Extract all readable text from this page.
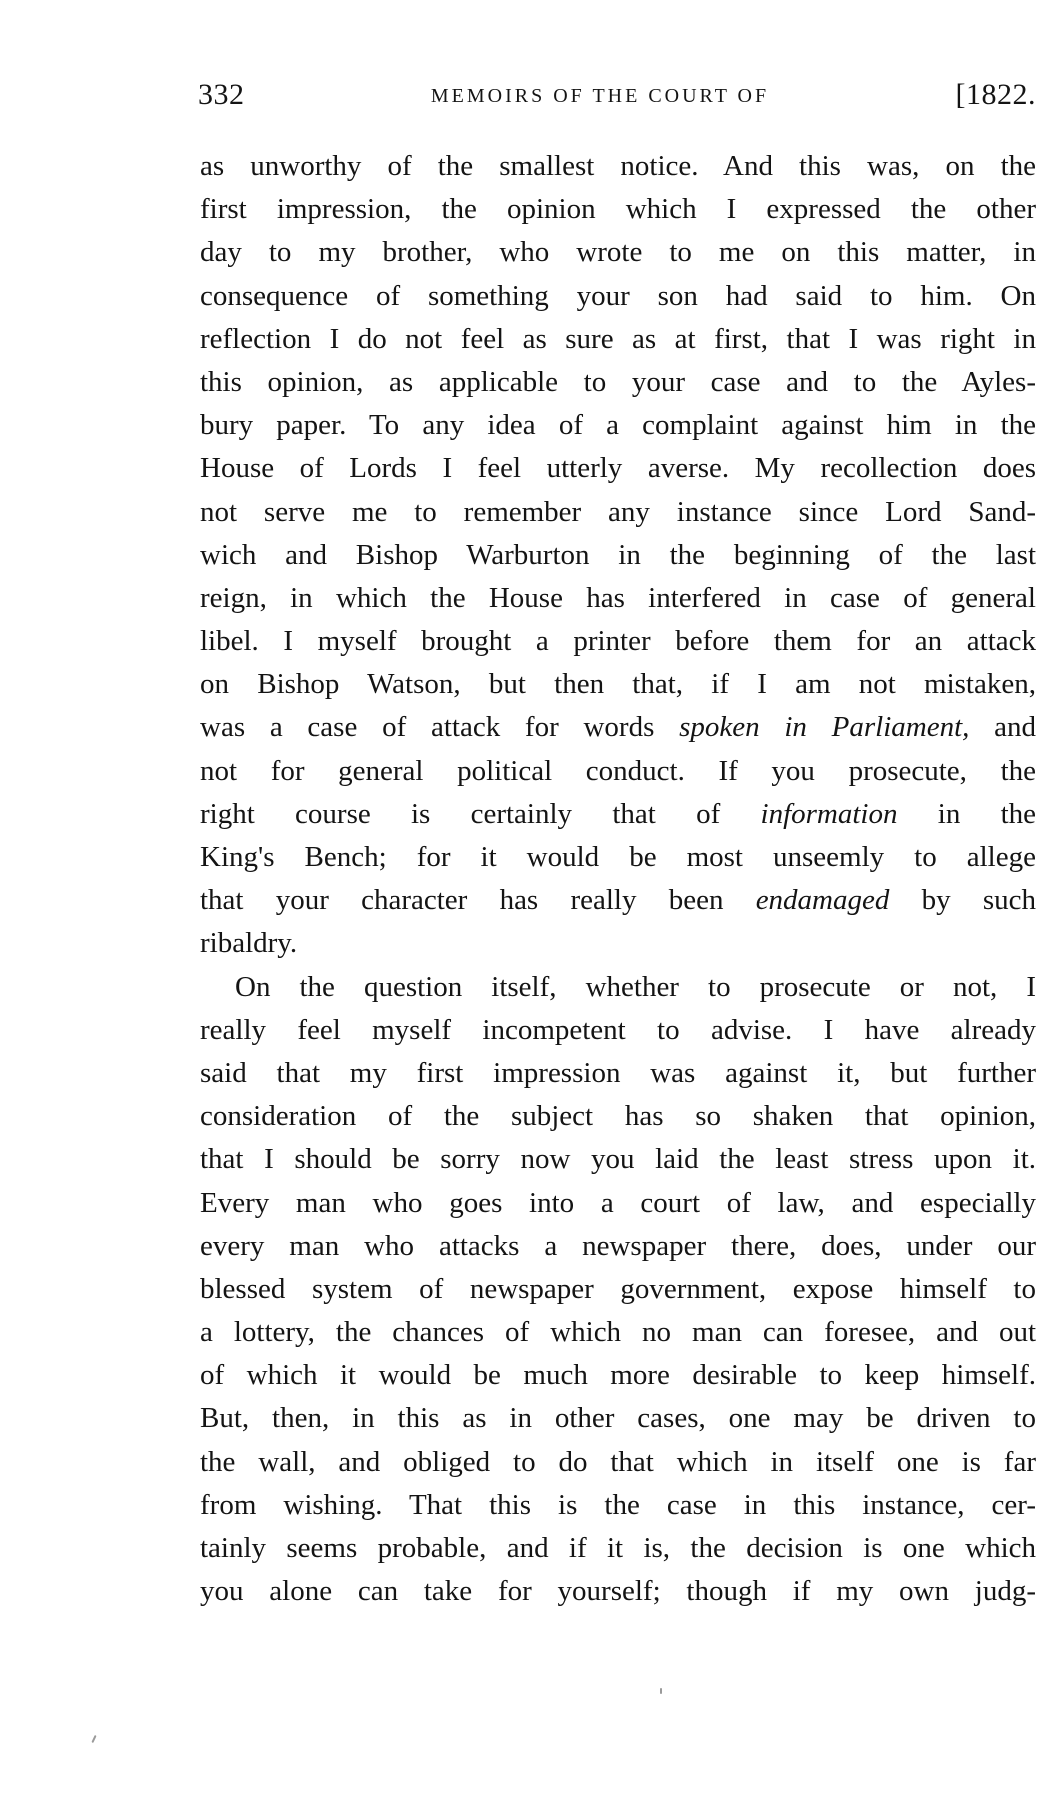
332	MEMOIRS OF THE COURT OF	[1822.
as unworthy of the smallest notice. And this was, on the
first impression, the opinion which I expressed the other
day to my brother, who wrote to me on this matter, in
consequence of something your son had said to him. On
reflection I do not feel as sure as at first, that I was right in
this opinion, as applicable to your case and to the Ayles-
bury paper. To any idea of a complaint against him in the
House of Lords I feel utterly averse. My recollection does
not serve me to remember any instance since Lord Sand-
wich and Bishop Warburton in the beginning of the last
reign, in which the House has interfered in case of general
libel. I myself brought a printer before them for an attack
on Bishop Watson, but then that, if I am not mistaken,
was a case of attack for words spoken in Parliament, and
not for general political conduct. If you prosecute, the
right course is certainly that of information in the
King's Bench; for it would be most unseemly to allege
that your character has really been endamaged by such
ribaldry.
On the question itself, whether to prosecute or not, I
really feel myself incompetent to advise. I have already
said that my first impression was against it, but further
consideration of the subject has so shaken that opinion,
that I should be sorry now you laid the least stress upon it.
Every man who goes into a court of law, and especially
every man who attacks a newspaper there, does, under our
blessed system of newspaper government, expose himself to
a lottery, the chances of which no man can foresee, and out
of which it would be much more desirable to keep himself.
But, then, in this as in other cases, one may be driven to
the wall, and obliged to do that which in itself one is far
from wishing. That this is the case in this instance, cer-
tainly seems probable, and if it is, the decision is one which
you alone can take for yourself; though if my own judg-
